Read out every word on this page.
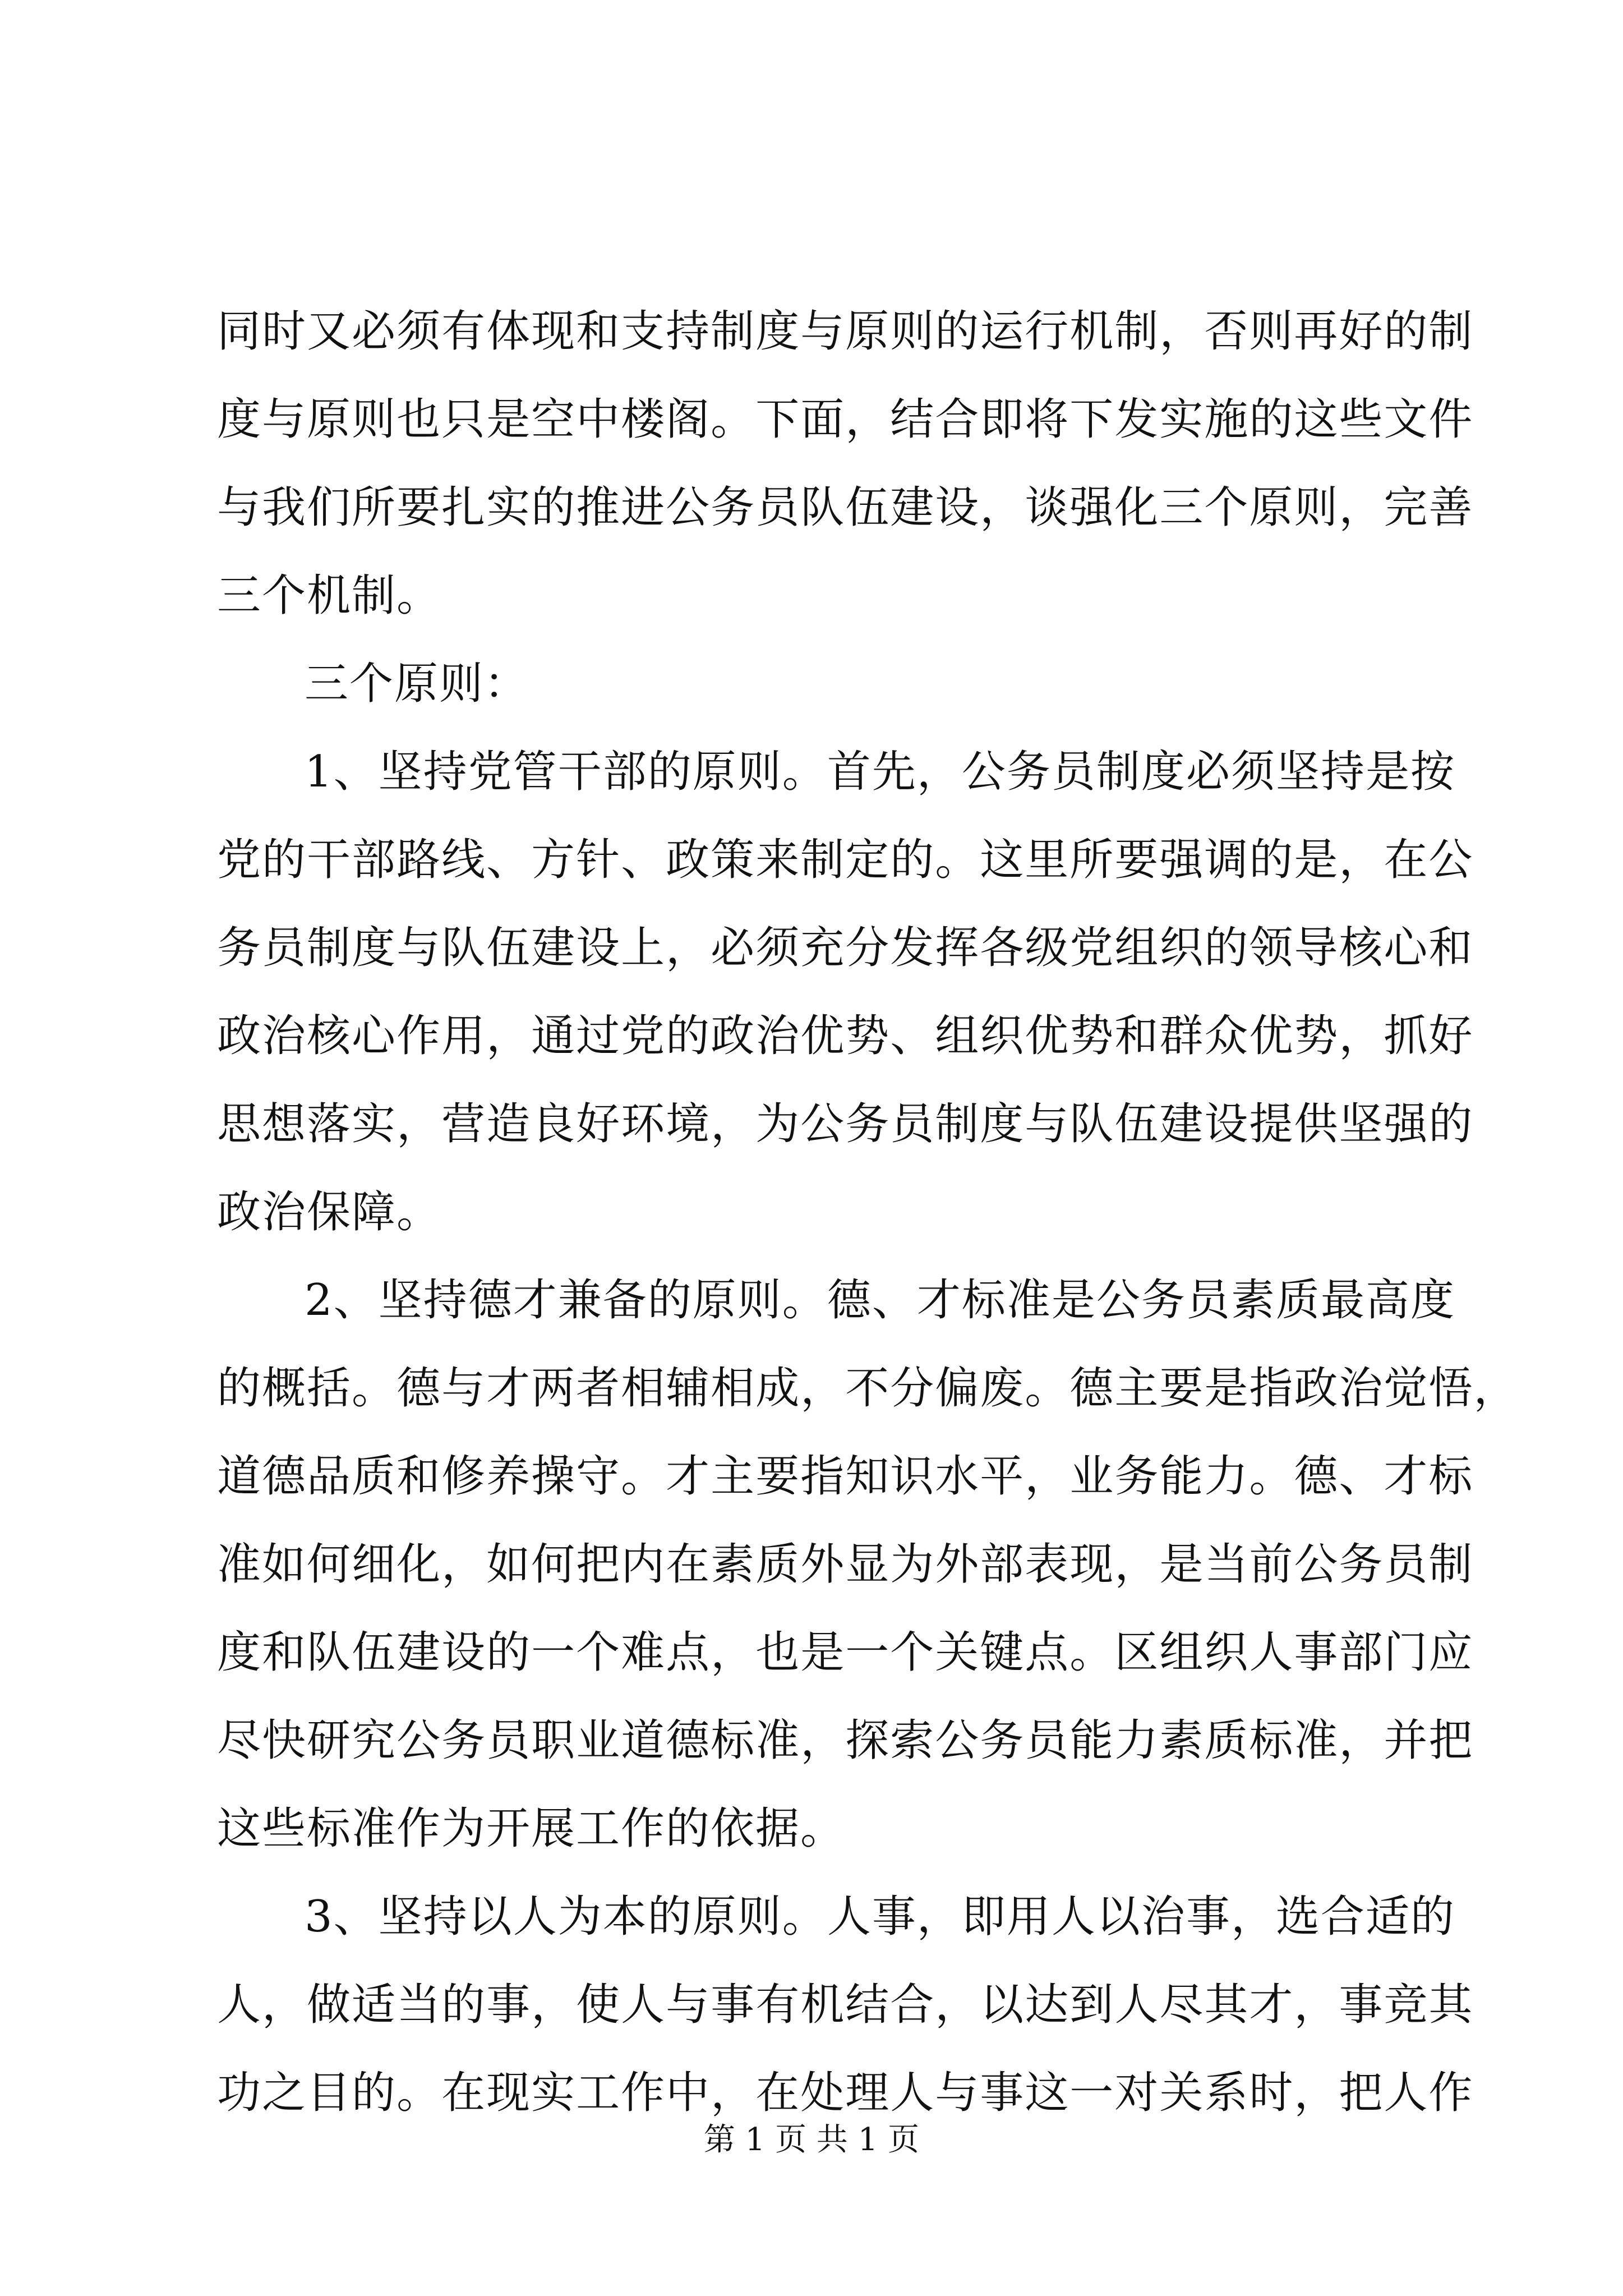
同 时 又 必 须 有 体 现 和 支 持 制 度 与 原 则 的 运 行 机 制 ， 否 则 再 好 的 制
度 与 原 则 也 只 是 空 中 楼 阁 。 下 面 ， 结 合 即 将 下 发 实 施 的 这 些 文 件
与 我 们 所 要 扎 实 的 推 进 公 务 员 队 伍 建 设 ， 谈 强 化 三 个 原 则 ， 完 善
三个机制。
三个原则：
1 、 坚 持 党 管 干 部 的 原 则 。 首 先 ， 公 务 员 制 度 必 须 坚 持 是 按
党 的 干 部 路 线 、 方 针 、 政 策 来 制 定 的 。 这 里 所 要 强 调 的 是 ， 在 公
务 员 制 度 与 队 伍 建 设 上 ， 必 须 充 分 发 挥 各 级 党 组 织 的 领 导 核 心 和
政 治 核 心 作 用 ， 通 过 党 的 政 治 优 势 、 组 织 优 势 和 群 众 优 势 ， 抓 好
思 想 落 实 ， 营 造 良 好 环 境 ， 为 公 务 员 制 度 与 队 伍 建 设 提 供 坚 强 的
政治保障。
2 、 坚 持 德 才 兼 备 的 原 则 。 德 、 才 标 准 是 公 务 员 素 质 最 高 度
的 概 括 。 德 与 才 两 者 相 辅 相 成 ， 不 分 偏 废 。 德 主 要 是 指 政 治 觉 悟 ，
道 德 品 质 和 修 养 操 守 。 才 主 要 指 知 识 水 平 ， 业 务 能 力 。 德 、 才 标
准 如 何 细 化 ， 如 何 把 内 在 素 质 外 显 为 外 部 表 现 ， 是 当 前 公 务 员 制
度 和 队 伍 建 设 的 一 个 难 点 ， 也 是 一 个 关 键 点 。 区 组 织 人 事 部 门 应
尽 快 研 究 公 务 员 职 业 道 德 标 准 ， 探 索 公 务 员 能 力 素 质 标 准 ， 并 把
这些标准作为开展工作的依据。
3 、 坚 持 以 人 为 本 的 原 则 。 人 事 ， 即 用 人 以 治 事 ， 选 合 适 的
人 ， 做 适 当 的 事 ， 使 人 与 事 有 机 结 合 ， 以 达 到 人 尽 其 才 ， 事 竞 其
功 之 目 的 。 在 现 实 工 作 中 ， 在 处 理 人 与 事 这 一 对 关 系 时 ， 把 人 作
第 1 页 共 1 页
